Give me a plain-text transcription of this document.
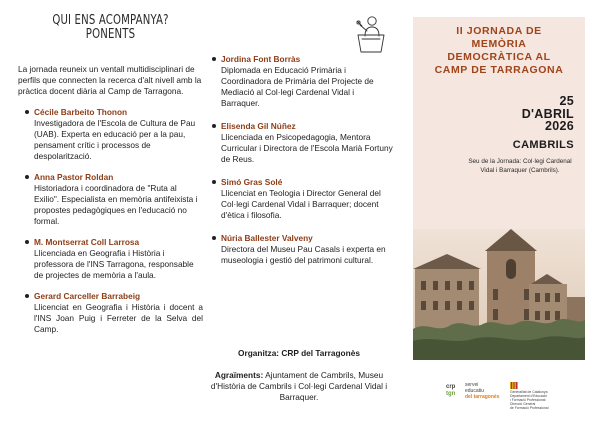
QUI ENS ACOMPANYA?
PONENTS

La jornada reuneix un ventall multidisciplinari de perfils que connecten la recerca d'alt nivell amb la pràctica docent diària al Camp de Tarragona.

Cécile Barbeito Thonon
Investigadora de l'Escola de Cultura de Pau (UAB). Experta en educació per a la pau, pensament crític i processos de despolarització.
Anna Pastor Roldan
Historiadora i coordinadora de "Ruta al Exilio". Especialista en memòria antifeixista i propostes pedagògiques en l'educació no formal.
M. Montserrat Coll Larrosa
Llicenciada en Geografia i Història i professora de l'INS Tarragona, responsable de projectes de memòria a l'aula.
Gerard Carceller Barrabeig
Llicenciat en Geografia i Història i docent a l'INS Joan Puig i Ferreter de la Selva del Camp.
Jordina Font Borràs
Diplomada en Educació Primària i Coordinadora de Primària del Projecte de Mediació al Col·legi Cardenal Vidal i Barraquer.
Elisenda Gil Núñez
Llicenciada en Psicopedagogia, Mentora Curricular i Directora de l'Escola Marià Fortuny de Reus.
Simó Gras Solé
Llicenciat en Teologia i Director General del Col·legi Cardenal Vidal i Barraquer; docent d'ètica i filosofia.
Núria Ballester Valveny
Directora del Museu Pau Casals i experta en museologia i gestió del patrimoni cultural.
Organitza: CRP del Tarragonès
Agraïments: Ajuntament de Cambrils, Museu d'Història de Cambrils i Col·legi Cardenal Vidal i Barraquer.
II JORNADA DE
MEMÒRIA
DEMOCRÀTICA AL
CAMP DE TARRAGONA
25
D'ABRIL
2026
CAMBRILS
Seu de la Jornada: Col·legi Cardenal Vidal i Barraquer (Cambrils).
crp
tgn
servei
educatiu
del tarragonès
Generalitat de Catalunya
Departament d'Educació
i Formació Professional
Direcció General
de Formació Professional
